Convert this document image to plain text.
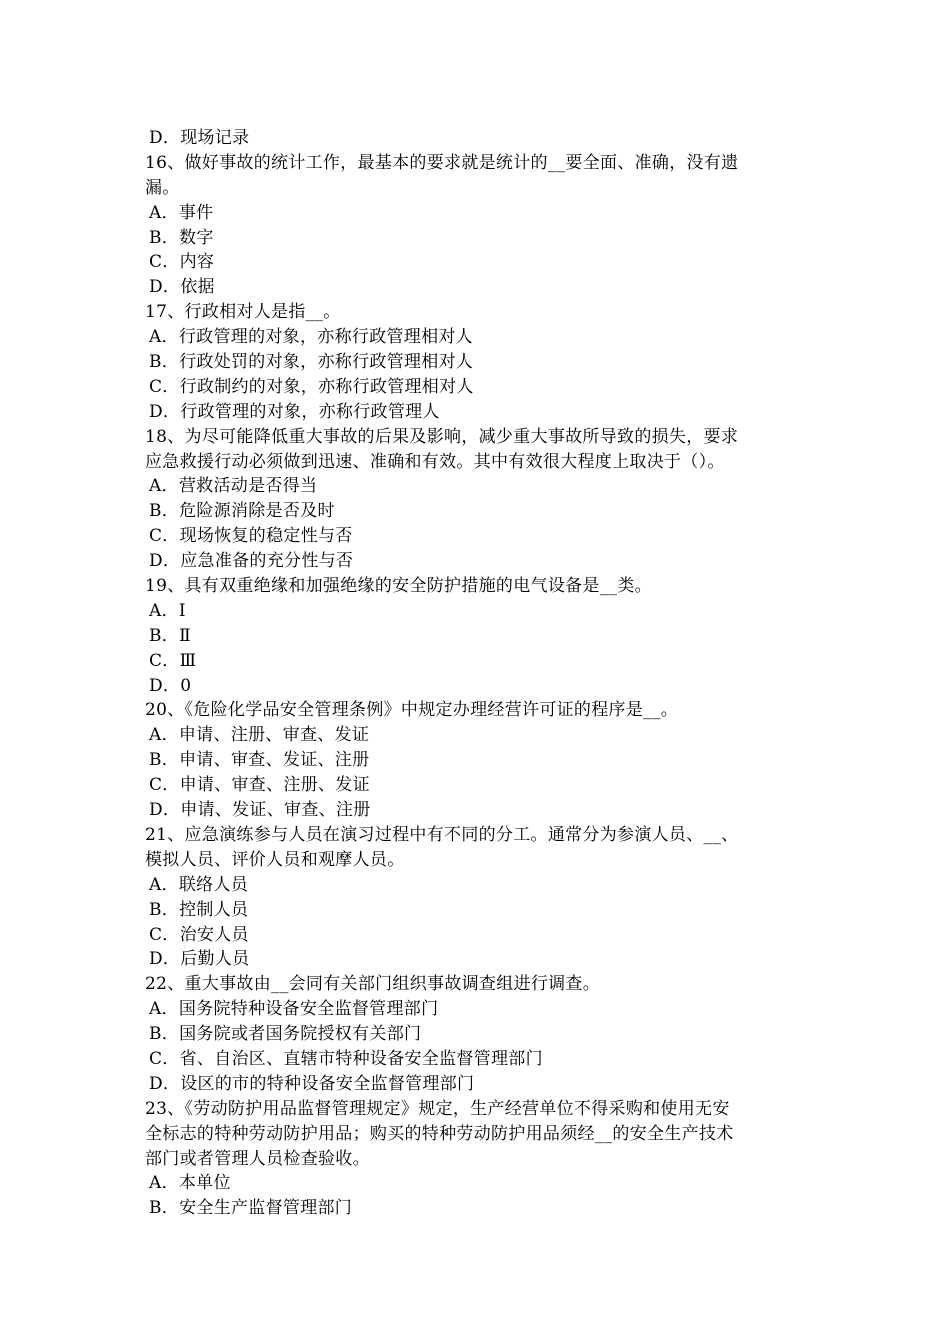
D．现场记录
16、做好事故的统计工作，最基本的要求就是统计的__要全面、准确，没有遗
漏。
A．事件
B．数字
C．内容
D．依据
17、行政相对人是指__。
A．行政管理的对象，亦称行政管理相对人
B．行政处罚的对象，亦称行政管理相对人
C．行政制约的对象，亦称行政管理相对人
D．行政管理的对象，亦称行政管理人
18、为尽可能降低重大事故的后果及影响，减少重大事故所导致的损失，要求
应急救援行动必须做到迅速、准确和有效。其中有效很大程度上取决于（）。
A．营救活动是否得当
B．危险源消除是否及时
C．现场恢复的稳定性与否
D．应急准备的充分性与否
19、具有双重绝缘和加强绝缘的安全防护措施的电气设备是__类。
A．Ⅰ
B．Ⅱ
C．Ⅲ
D．0
20、《危险化学品安全管理条例》中规定办理经营许可证的程序是__。
A．申请、注册、审查、发证
B．申请、审查、发证、注册
C．申请、审查、注册、发证
D．申请、发证、审查、注册
21、应急演练参与人员在演习过程中有不同的分工。通常分为参演人员、__、
模拟人员、评价人员和观摩人员。
A．联络人员
B．控制人员
C．治安人员
D．后勤人员
22、重大事故由__会同有关部门组织事故调查组进行调查。
A．国务院特种设备安全监督管理部门
B．国务院或者国务院授权有关部门
C．省、自治区、直辖市特种设备安全监督管理部门
D．设区的市的特种设备安全监督管理部门
23、《劳动防护用品监督管理规定》规定，生产经营单位不得采购和使用无安
全标志的特种劳动防护用品；购买的特种劳动防护用品须经__的安全生产技术
部门或者管理人员检查验收。
A．本单位
B．安全生产监督管理部门
